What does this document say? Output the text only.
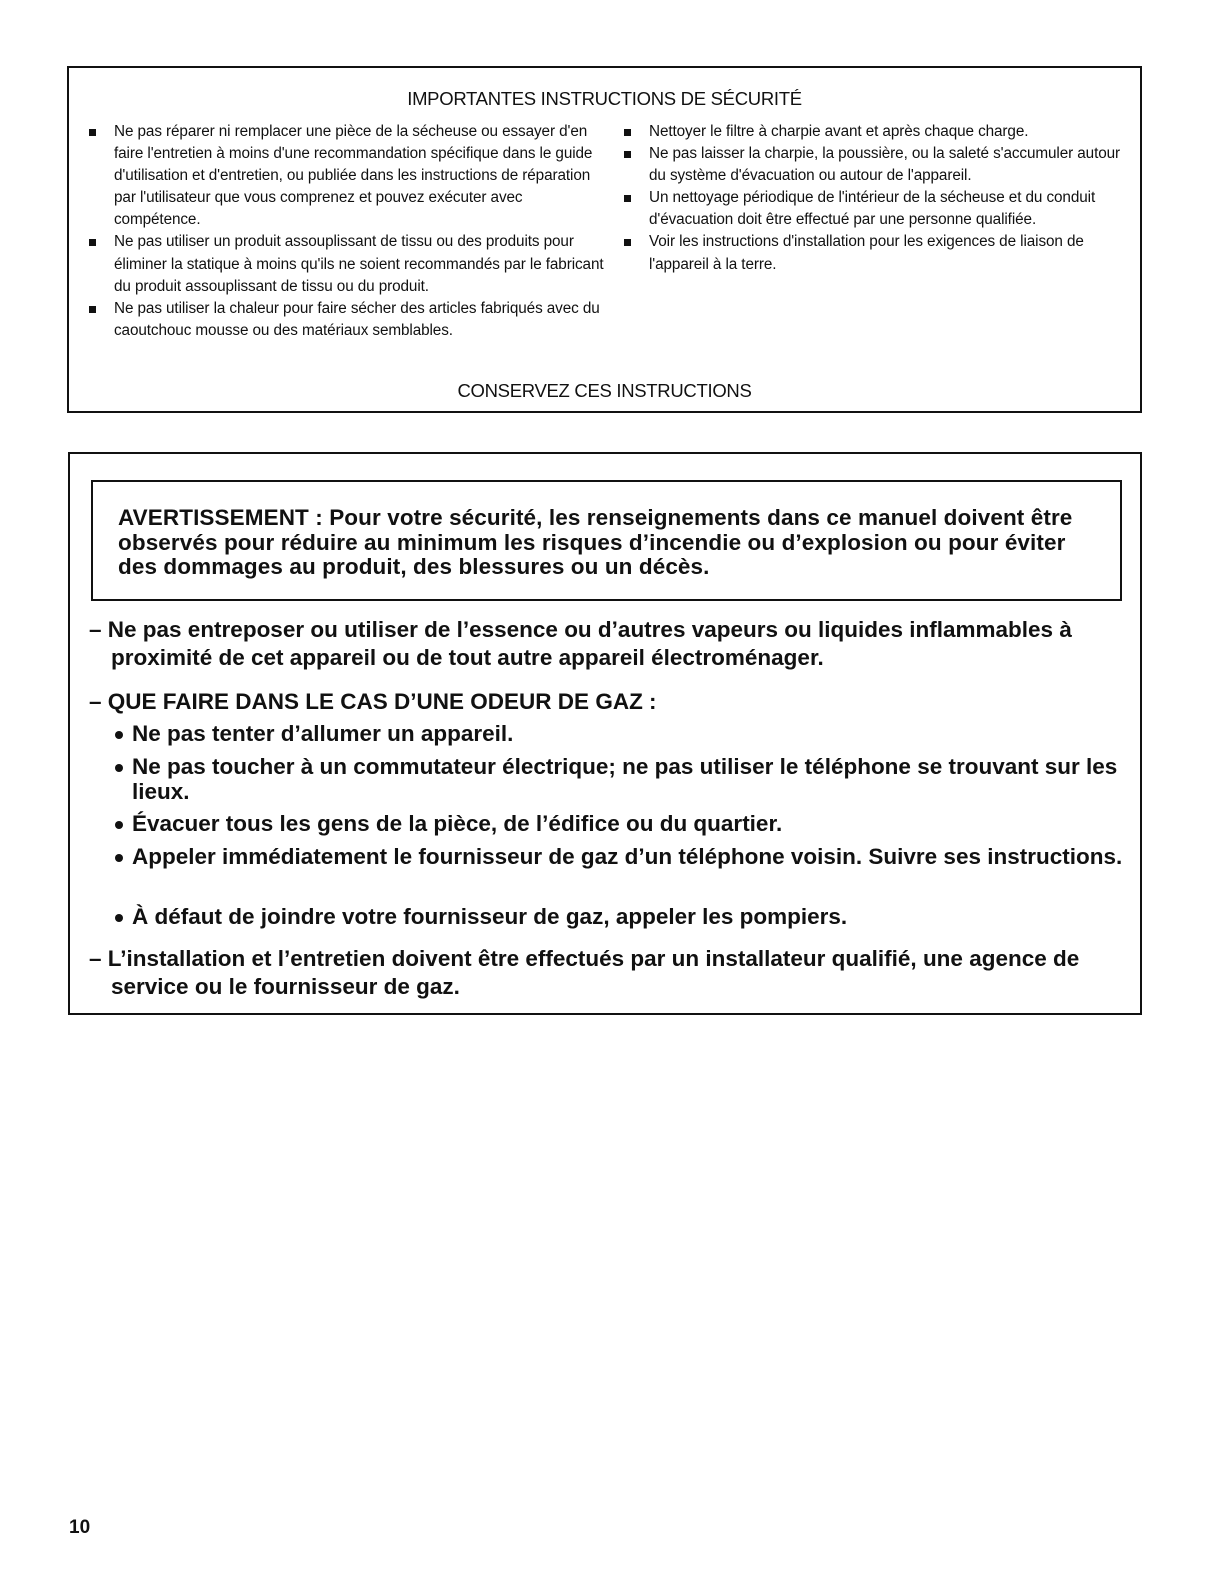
IMPORTANTES INSTRUCTIONS DE SÉCURITÉ
Ne pas réparer ni remplacer une pièce de la sécheuse ou essayer d'en faire l'entretien à moins d'une recommandation spécifique dans le guide d'utilisation et d'entretien, ou publiée dans les instructions de réparation par l'utilisateur que vous comprenez et pouvez exécuter avec compétence.
Ne pas utiliser un produit assouplissant de tissu ou des produits pour éliminer la statique à moins qu'ils ne soient recommandés par le fabricant du produit assouplissant de tissu ou du produit.
Ne pas utiliser la chaleur pour faire sécher des articles fabriqués avec du caoutchouc mousse ou des matériaux semblables.
Nettoyer le filtre à charpie avant et après chaque charge.
Ne pas laisser la charpie, la poussière, ou la saleté s'accumuler autour du système d'évacuation ou autour de l'appareil.
Un nettoyage périodique de l'intérieur de la sécheuse et du conduit d'évacuation doit être effectué par une personne qualifiée.
Voir les instructions d'installation pour les exigences de liaison de l'appareil à la terre.
CONSERVEZ CES INSTRUCTIONS
AVERTISSEMENT : Pour votre sécurité, les renseignements dans ce manuel doivent être observés pour réduire au minimum les risques d’incendie ou d’explosion ou pour éviter des dommages au produit, des blessures ou un décès.
– Ne pas entreposer ou utiliser de l’essence ou d’autres vapeurs ou liquides inflammables à proximité de cet appareil ou de tout autre appareil électroménager.
– QUE FAIRE DANS LE CAS D’UNE ODEUR DE GAZ :
Ne pas tenter d’allumer un appareil.
Ne pas toucher à un commutateur électrique; ne pas utiliser le téléphone se trouvant sur les lieux.
Évacuer tous les gens de la pièce, de l’édifice ou du quartier.
Appeler immédiatement le fournisseur de gaz d’un téléphone voisin. Suivre ses instructions.
À défaut de joindre votre fournisseur de gaz, appeler les pompiers.
– L’installation et l’entretien doivent être effectués par un installateur qualifié, une agence de service ou le fournisseur de gaz.
10
